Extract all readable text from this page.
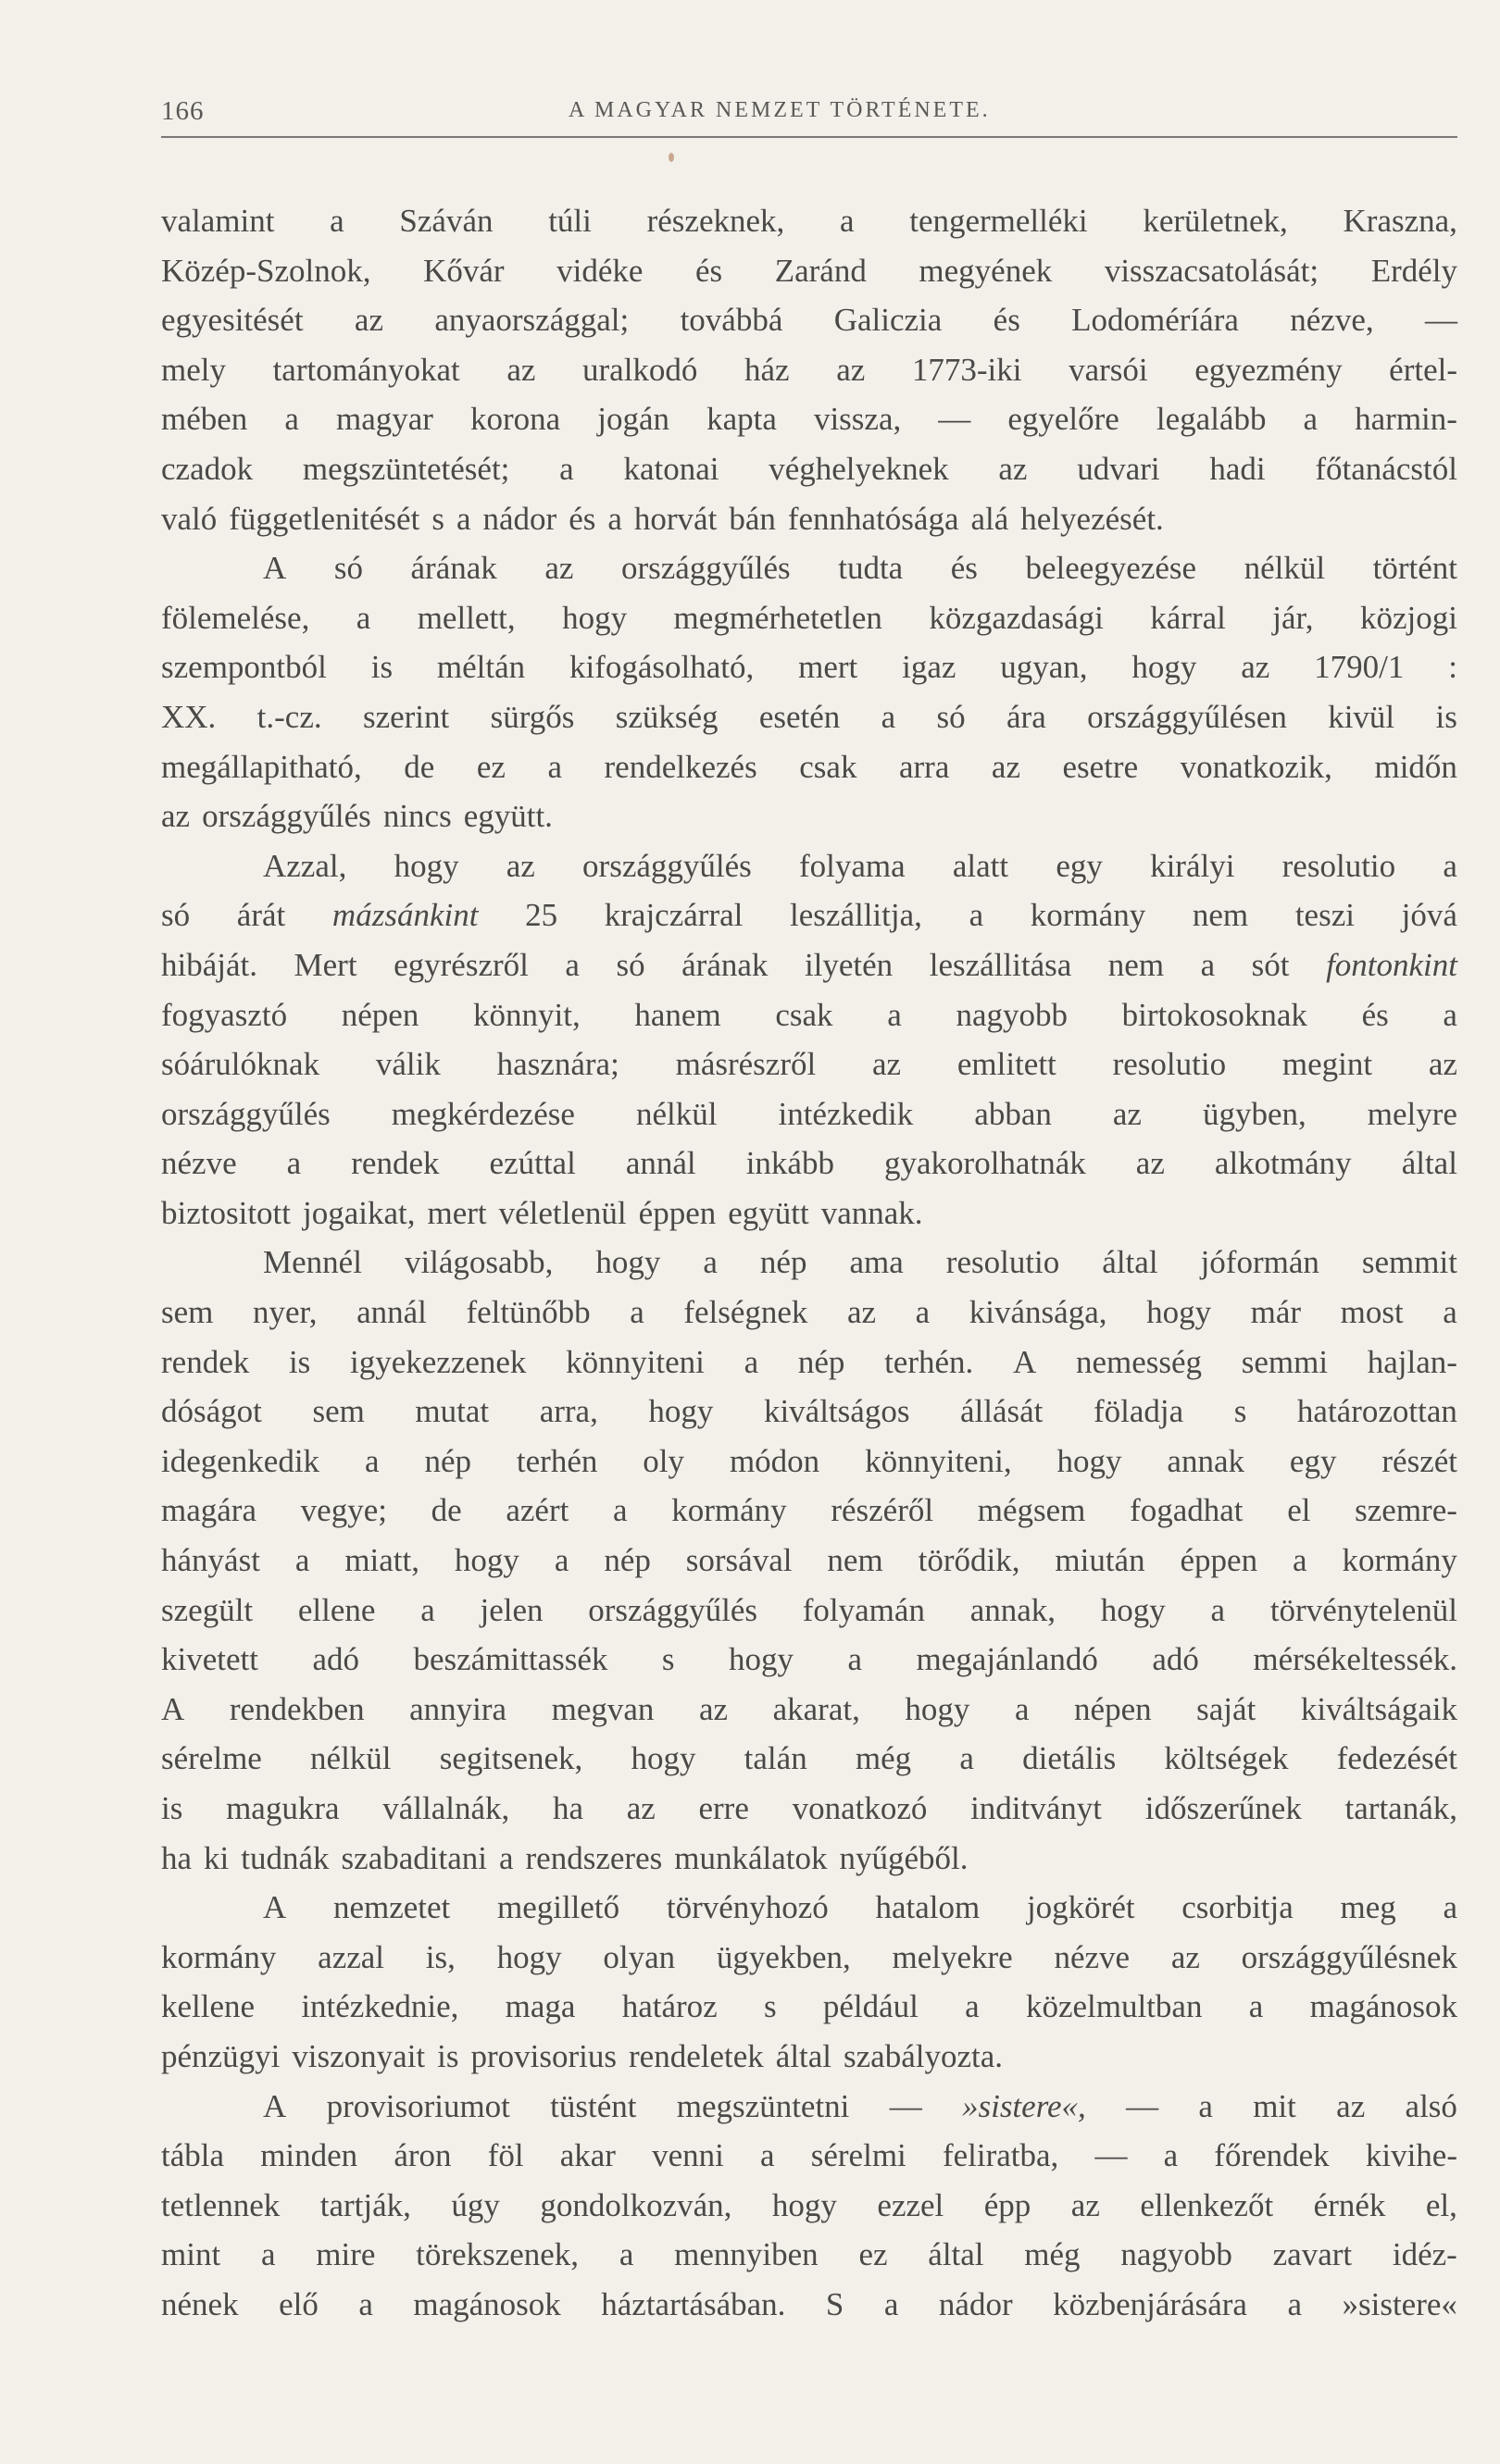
166	A MAGYAR NEMZET TÖRTÉNETE.
valamint a Száván túli részeknek, a tengermelléki kerületnek, Kraszna,
Közép-Szolnok, Kővár vidéke és Zaránd megyének visszacsatolását; Erdély
egyesitését az anyaországgal; továbbá Galiczia és Lodoméríára nézve, —
mely tartományokat az uralkodó ház az 1773-iki varsói egyezmény értel-
mében a magyar korona jogán kapta vissza, — egyelőre legalább a harmin-
czadok megszüntetését; a katonai véghelyeknek az udvari hadi főtanácstól
való függetlenitését s a nádor és a horvát bán fennhatósága alá helyezését.
A só árának az országgyűlés tudta és beleegyezése nélkül történt
fölemelése, a mellett, hogy megmérhetetlen közgazdasági kárral jár, közjogi
szempontból is méltán kifogásolható, mert igaz ugyan, hogy az 1790/1 :
XX. t.-cz. szerint sürgős szükség esetén a só ára országgyűlésen kivül is
megállapitható, de ez a rendelkezés csak arra az esetre vonatkozik, midőn
az országgyűlés nincs együtt.
Azzal, hogy az országgyűlés folyama alatt egy királyi resolutio a
só árát mázsánkint 25 krajczárral leszállitja, a kormány nem teszi jóvá
hibáját. Mert egyrészről a só árának ilyetén leszállitása nem a sót fontonkint
fogyasztó népen könnyit, hanem csak a nagyobb birtokosoknak és a
sóárulóknak válik hasznára; másrészről az emlitett resolutio megint az
országgyűlés megkérdezése nélkül intézkedik abban az ügyben, melyre
nézve a rendek ezúttal annál inkább gyakorolhatnák az alkotmány által
biztositott jogaikat, mert véletlenül éppen együtt vannak.
Mennél világosabb, hogy a nép ama resolutio által jóformán semmit
sem nyer, annál feltünőbb a felségnek az a kivánsága, hogy már most a
rendek is igyekezzenek könnyiteni a nép terhén. A nemesség semmi hajlan-
dóságot sem mutat arra, hogy kiváltságos állását föladja s határozottan
idegenkedik a nép terhén oly módon könnyiteni, hogy annak egy részét
magára vegye; de azért a kormány részéről mégsem fogadhat el szemre-
hányást a miatt, hogy a nép sorsával nem törődik, miután éppen a kormány
szegült ellene a jelen országgyűlés folyamán annak, hogy a törvénytelenül
kivetett adó beszámittassék s hogy a megajánlandó adó mérsékeltessék.
A rendekben annyira megvan az akarat, hogy a népen saját kiváltságaik
sérelme nélkül segitsenek, hogy talán még a dietális költségek fedezését
is magukra vállalnák, ha az erre vonatkozó inditványt időszerűnek tartanák,
ha ki tudnák szabaditani a rendszeres munkálatok nyűgéből.
A nemzetet megillető törvényhozó hatalom jogkörét csorbitja meg a
kormány azzal is, hogy olyan ügyekben, melyekre nézve az országgyűlésnek
kellene intézkednie, maga határoz s például a közelmultban a magánosok
pénzügyi viszonyait is provisorius rendeletek által szabályozta.
A provisoriumot tüstént megszüntetni — »sistere«, — a mit az alsó
tábla minden áron föl akar venni a sérelmi feliratba, — a főrendek kivihe-
tetlennek tartják, úgy gondolkozván, hogy ezzel épp az ellenkezőt érnék el,
mint a mire törekszenek, a mennyiben ez által még nagyobb zavart idéz-
nének elő a magánosok háztartásában. S a nádor közbenjárására a »sistere«
